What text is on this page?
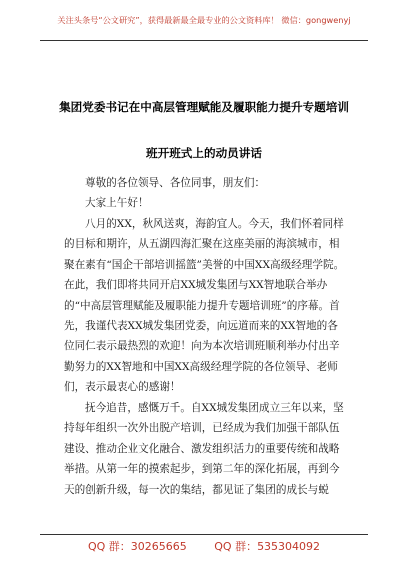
关注头条号“公文研究”，获得最新最全最专业的公文资料库！ 微信：gongwenyj
集团党委书记在中高层管理赋能及履职能力提升专题培训
班开班式上的动员讲话

尊敬的各位领导、各位同事，朋友们：

大家上午好！

八月的XX，秋风送爽，海韵宜人。今天，我们怀着同样的目标和期许，从五湖四海汇聚在这座美丽的海滨城市，相聚在素有“国企干部培训摇篮”美誉的中国XX高级经理学院。在此，我们即将共同开启XX城发集团与XX智地联合举办的“中高层管理赋能及履职能力提升专题培训班”的序幕。首先，我谨代表XX城发集团党委，向远道而来的XX智地的各位同仁表示最热烈的欢迎！向为本次培训班顺利举办付出辛勤努力的XX智地和中国XX高级经理学院的各位领导、老师们，表示最衷心的感谢！

抚今追昔，感慨万千。自XX城发集团成立三年以来，坚持每年组织一次外出脱产培训，已经成为我们加强干部队伍建设、推动企业文化融合、激发组织活力的重要传统和战略举措。从第一年的摸索起步，到第二年的深化拓展，再到今天的创新升级，每一次的集结，都见证了集团的成长与蜕

QQ 群：30265665	QQ 群：535304092
